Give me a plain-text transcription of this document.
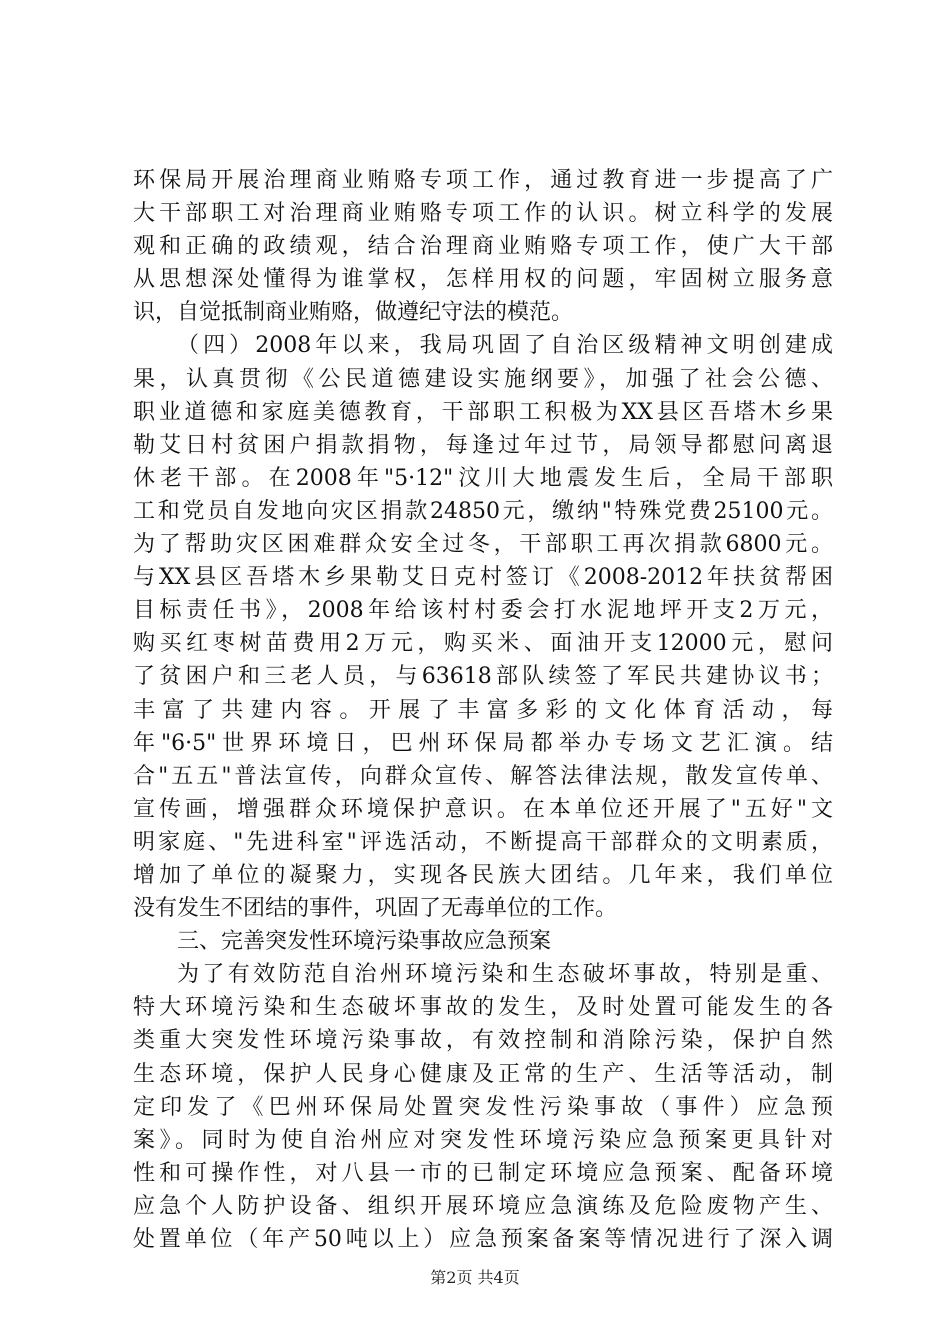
环保局开展治理商业贿赂专项工作，通过教育进一步提高了广
大干部职工对治理商业贿赂专项工作的认识。树立科学的发展
观和正确的政绩观，结合治理商业贿赂专项工作，使广大干部
从思想深处懂得为谁掌权，怎样用权的问题，牢固树立服务意
识，自觉抵制商业贿赂，做遵纪守法的模范。
（四）2008年以来，我局巩固了自治区级精神文明创建成
果，认真贯彻《公民道德建设实施纲要》，加强了社会公德、
职业道德和家庭美德教育，干部职工积极为XX县区吾塔木乡果
勒艾日村贫困户捐款捐物，每逢过年过节，局领导都慰问离退
休老干部。在2008年"5·12"汶川大地震发生后，全局干部职
工和党员自发地向灾区捐款24850元，缴纳"特殊党费25100元。
为了帮助灾区困难群众安全过冬，干部职工再次捐款6800元。
与XX县区吾塔木乡果勒艾日克村签订《2008-2012年扶贫帮困
目标责任书》，2008年给该村村委会打水泥地坪开支2万元，
购买红枣树苗费用2万元，购买米、面油开支12000元，慰问
了贫困户和三老人员，与63618部队续签了军民共建协议书；
丰富了共建内容。开展了丰富多彩的文化体育活动，每
年"6·5"世界环境日，巴州环保局都举办专场文艺汇演。结
合"五五"普法宣传，向群众宣传、解答法律法规，散发宣传单、
宣传画，增强群众环境保护意识。在本单位还开展了"五好"文
明家庭、"先进科室"评选活动，不断提高干部群众的文明素质，
增加了单位的凝聚力，实现各民族大团结。几年来，我们单位
没有发生不团结的事件，巩固了无毒单位的工作。
三、完善突发性环境污染事故应急预案
为了有效防范自治州环境污染和生态破坏事故，特别是重、
特大环境污染和生态破坏事故的发生，及时处置可能发生的各
类重大突发性环境污染事故，有效控制和消除污染，保护自然
生态环境，保护人民身心健康及正常的生产、生活等活动，制
定印发了《巴州环保局处置突发性污染事故（事件）应急预
案》。同时为使自治州应对突发性环境污染应急预案更具针对
性和可操作性，对八县一市的已制定环境应急预案、配备环境
应急个人防护设备、组织开展环境应急演练及危险废物产生、
处置单位（年产50吨以上）应急预案备案等情况进行了深入调
第2页 共4页
